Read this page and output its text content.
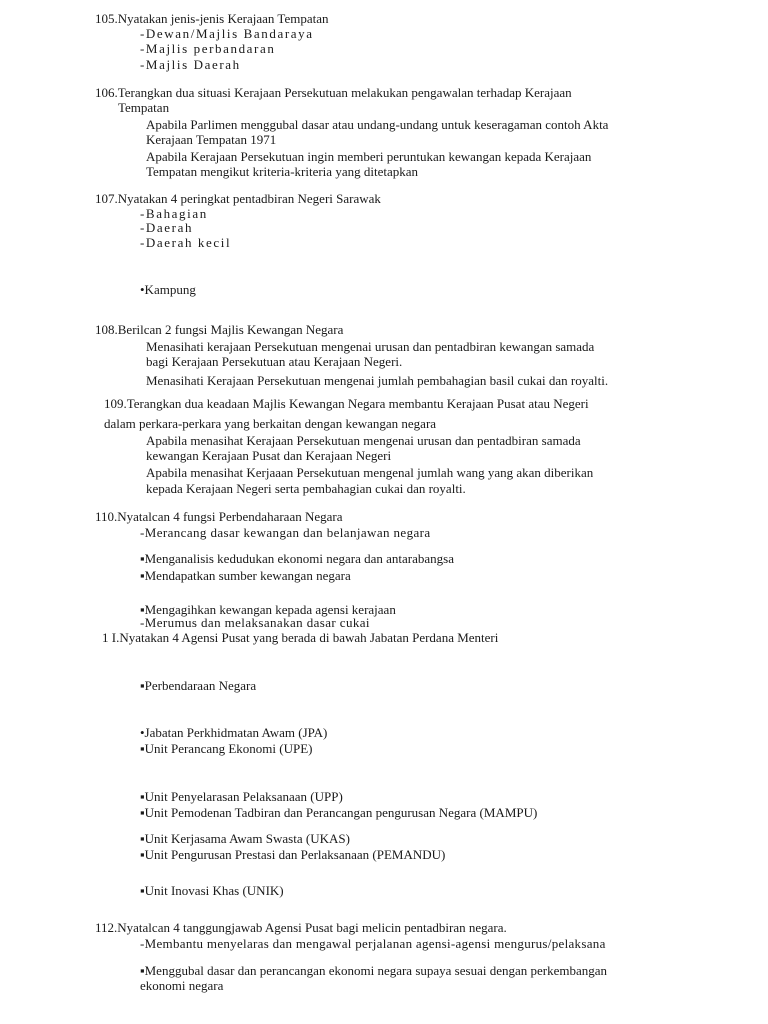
105.Nyatakan jenis-jenis Kerajaan Tempatan
-Dewan/Majlis Bandaraya
-Majlis perbandaran
-Majlis Daerah
106.Terangkan dua situasi Kerajaan Persekutuan melakukan pengawalan terhadap Kerajaan
Tempatan
Apabila Parlimen menggubal dasar atau undang-undang untuk keseragaman contoh Akta
Kerajaan Tempatan 1971
Apabila Kerajaan Persekutuan ingin memberi peruntukan kewangan kepada Kerajaan
Tempatan mengikut kriteria-kriteria yang ditetapkan
107.Nyatakan 4 peringkat pentadbiran Negeri Sarawak
-Bahagian
-Daerah
-Daerah kecil
•Kampung
108.Berilcan 2 fungsi Majlis Kewangan Negara
Menasihati kerajaan Persekutuan mengenai urusan dan pentadbiran kewangan samada
bagi Kerajaan Persekutuan atau Kerajaan Negeri.
Menasihati Kerajaan Persekutuan mengenai jumlah pembahagian basil cukai dan royalti.
109.Terangkan dua keadaan Majlis Kewangan Negara membantu Kerajaan Pusat atau Negeri
dalam perkara-perkara yang berkaitan dengan kewangan negara
Apabila menasihat Kerajaan Persekutuan mengenai urusan dan pentadbiran samada
kewangan Kerajaan Pusat dan Kerajaan Negeri
Apabila menasihat Kerjaaan Persekutuan mengenal jumlah wang yang akan diberikan
kepada Kerajaan Negeri serta pembahagian cukai dan royalti.
110.Nyatalcan 4 fungsi Perbendaharaan Negara
-Merancang dasar kewangan dan belanjawan negara
▪Menganalisis kedudukan ekonomi negara dan antarabangsa
▪Mendapatkan sumber kewangan negara
▪Mengagihkan kewangan kepada agensi kerajaan
-Merumus dan melaksanakan dasar cukai
1 I.Nyatakan 4 Agensi Pusat yang berada di bawah Jabatan Perdana Menteri
▪Perbendaraan Negara
•Jabatan Perkhidmatan Awam (JPA)
▪Unit Perancang Ekonomi (UPE)
▪Unit Penyelarasan Pelaksanaan (UPP)
▪Unit Pemodenan Tadbiran dan Perancangan pengurusan Negara (MAMPU)
▪Unit Kerjasama Awam Swasta (UKAS)
▪Unit Pengurusan Prestasi dan Perlaksanaan (PEMANDU)
▪Unit Inovasi Khas (UNIK)
112.Nyatalcan 4 tanggungjawab Agensi Pusat bagi melicin pentadbiran negara.
-Membantu menyelaras dan mengawal perjalanan agensi-agensi mengurus/pelaksana
▪Menggubal dasar dan perancangan ekonomi negara supaya sesuai dengan perkembangan
ekonomi negara
